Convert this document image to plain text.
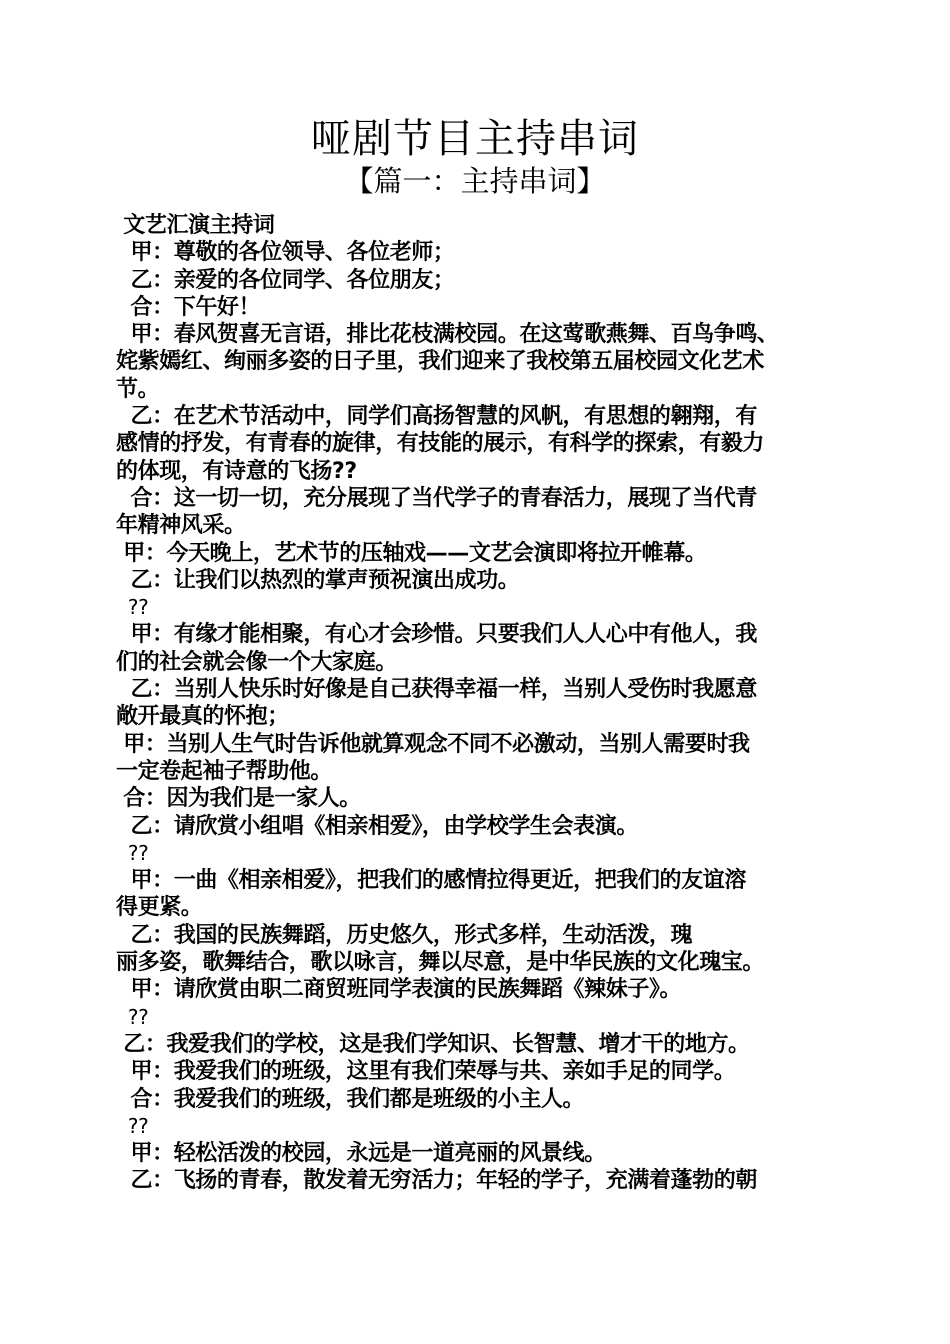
哑剧节目主持串词
【篇一：主持串词】
文艺汇演主持词
甲：尊敬的各位领导、各位老师；
乙：亲爱的各位同学、各位朋友；
合：下午好！
甲：春风贺喜无言语，排比花枝满校园。在这莺歌燕舞、百鸟争鸣、
姹紫嫣红、绚丽多姿的日子里，我们迎来了我校第五届校园文化艺术
节。
乙：在艺术节活动中，同学们高扬智慧的风帆，有思想的翱翔，有
感情的抒发，有青春的旋律，有技能的展示，有科学的探索，有毅力
的体现，有诗意的飞扬??
合：这一切一切，充分展现了当代学子的青春活力，展现了当代青
年精神风采。
甲：今天晚上，艺术节的压轴戏——文艺会演即将拉开帷幕。
乙：让我们以热烈的掌声预祝演出成功。
??
甲：有缘才能相聚，有心才会珍惜。只要我们人人心中有他人，我
们的社会就会像一个大家庭。
乙：当别人快乐时好像是自己获得幸福一样，当别人受伤时我愿意
敞开最真的怀抱；
甲：当别人生气时告诉他就算观念不同不必激动，当别人需要时我
一定卷起袖子帮助他。
合：因为我们是一家人。
乙：请欣赏小组唱《相亲相爱》，由学校学生会表演。
??
甲：一曲《相亲相爱》，把我们的感情拉得更近，把我们的友谊溶
得更紧。
乙：我国的民族舞蹈，历史悠久，形式多样，生动活泼，瑰
丽多姿，歌舞结合，歌以咏言，舞以尽意，是中华民族的文化瑰宝。
甲：请欣赏由职二商贸班同学表演的民族舞蹈《辣妹子》。
??
乙：我爱我们的学校，这是我们学知识、长智慧、增才干的地方。
甲：我爱我们的班级，这里有我们荣辱与共、亲如手足的同学。
合：我爱我们的班级，我们都是班级的小主人。
??
甲：轻松活泼的校园，永远是一道亮丽的风景线。
乙：飞扬的青春，散发着无穷活力；年轻的学子，充满着蓬勃的朝
